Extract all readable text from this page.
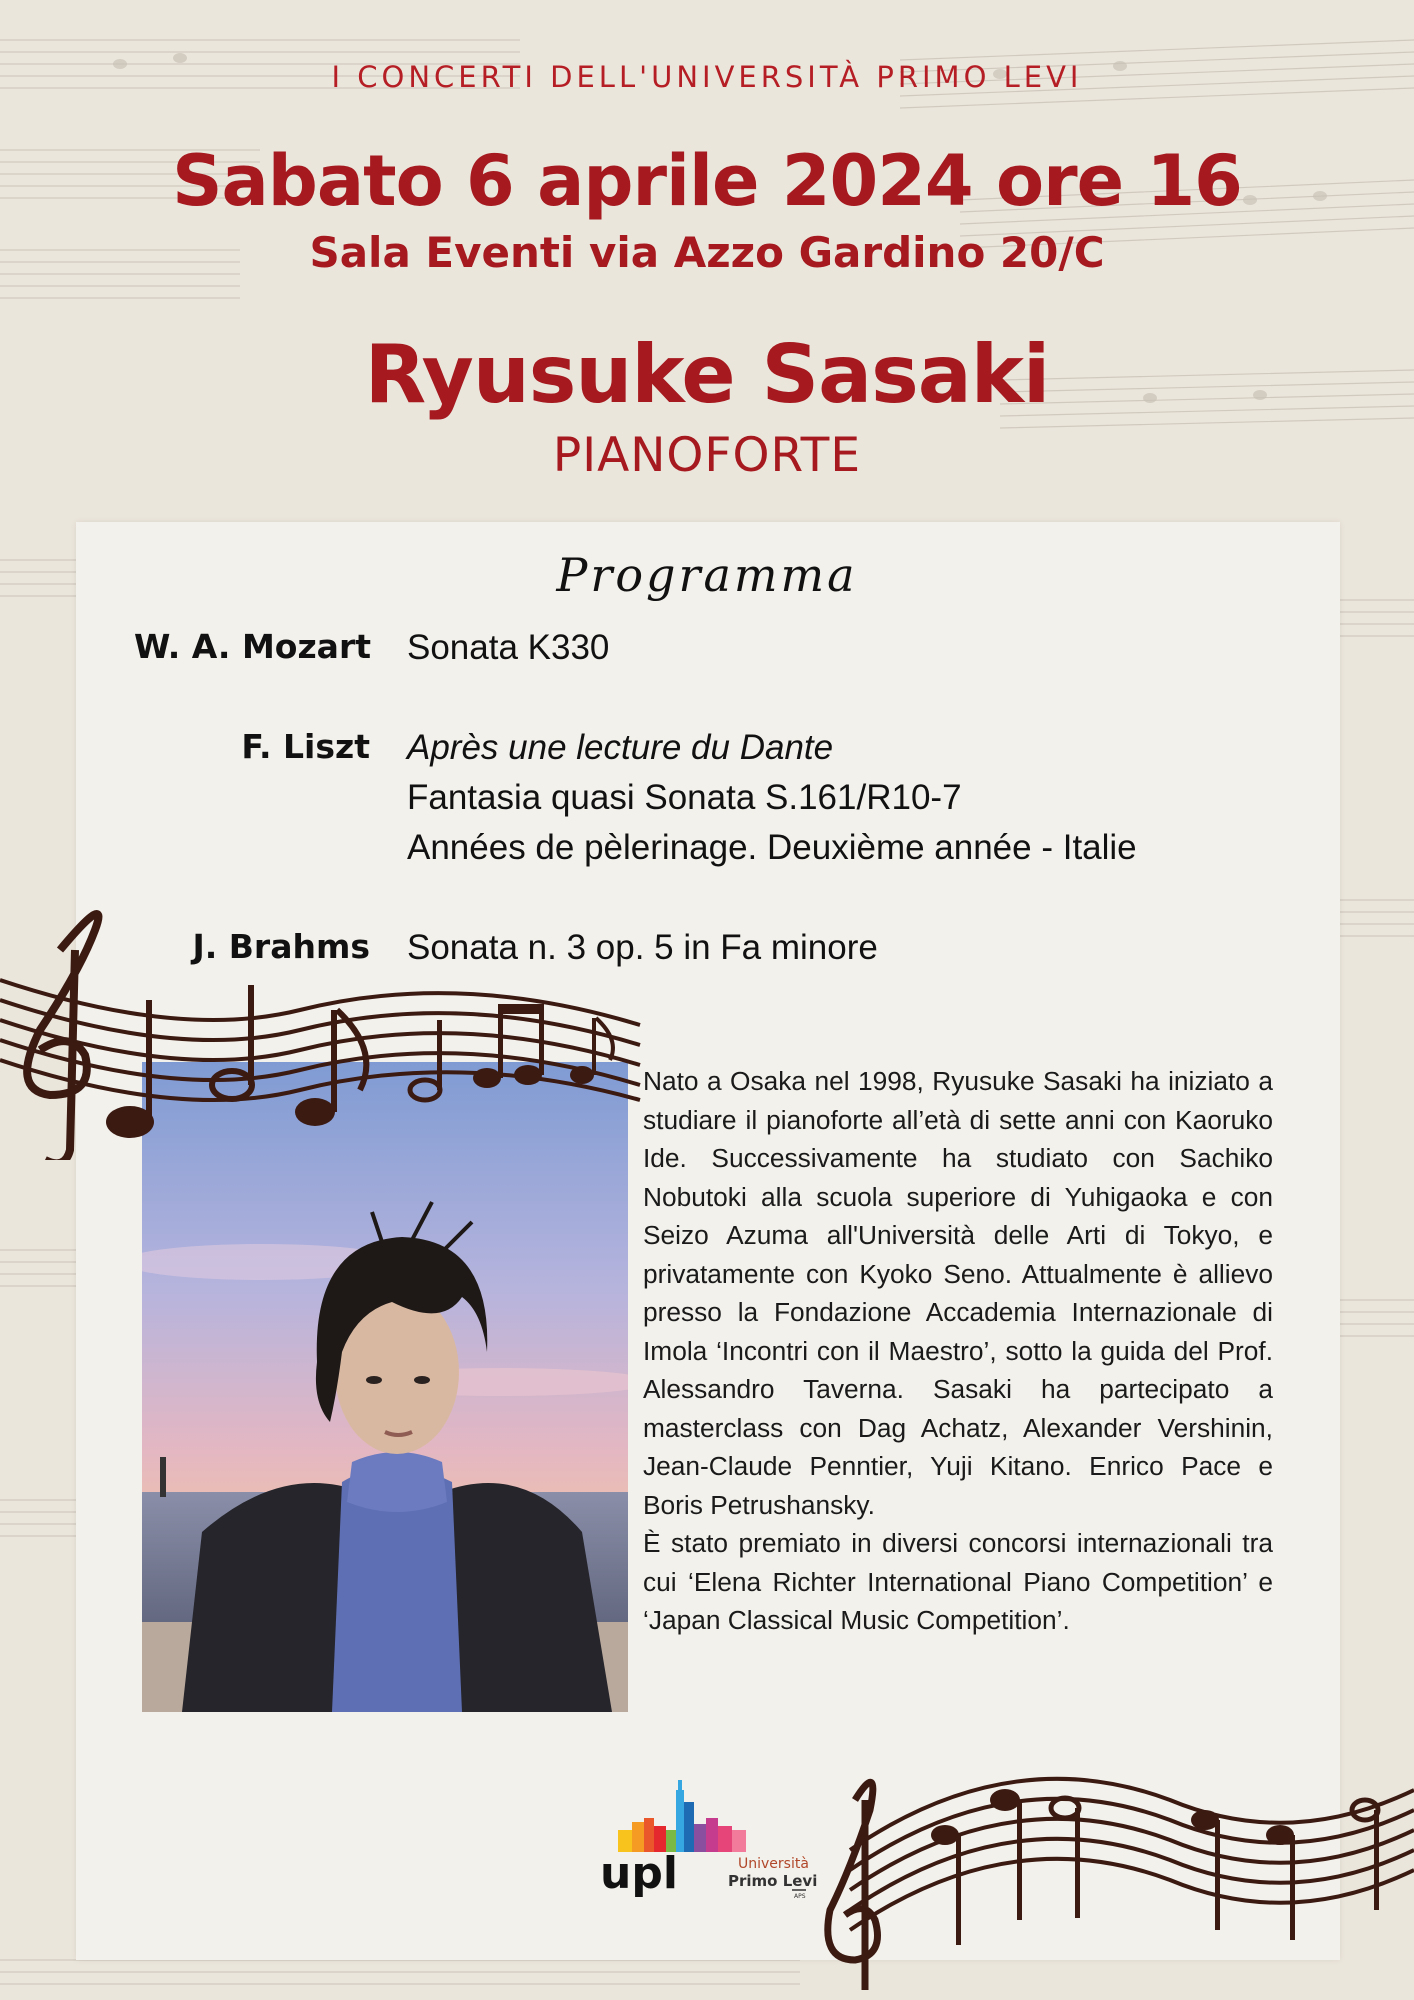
I CONCERTI DELL'UNIVERSITÀ PRIMO LEVI
Sabato 6 aprile 2024 ore 16
Sala Eventi via Azzo Gardino 20/C
Ryusuke Sasaki
PIANOFORTE
Programma
W. A. Mozart Sonata K330
F. Liszt Après une lecture du Dante
Fantasia quasi Sonata S.161/R10-7
Années de pèlerinage. Deuxième année - Italie
J. Brahms Sonata n. 3 op. 5 in Fa minore

Nato a Osaka nel 1998, Ryusuke Sasaki ha iniziato a studiare il pianoforte all’età di sette anni con Kaoruko Ide. Successivamente ha studiato con Sachiko Nobutoki alla scuola superiore di Yuhigaoka e con Seizo Azuma all'Università delle Arti di Tokyo, e privatamente con Kyoko Seno. Attualmente è allievo presso la Fondazione Accademia Internazionale di Imola ‘Incontri con il Maestro’, sotto la guida del Prof. Alessandro Taverna. Sasaki ha partecipato a masterclass con Dag Achatz, Alexander Vershinin, Jean-Claude Penntier, Yuji Kitano. Enrico Pace e Boris Petrushansky.

È stato premiato in diversi concorsi internazionali tra cui ‘Elena Richter International Piano Competition’ e ‘Japan Classical Music Competition’.

upl	Università
Primo Levi
APS
